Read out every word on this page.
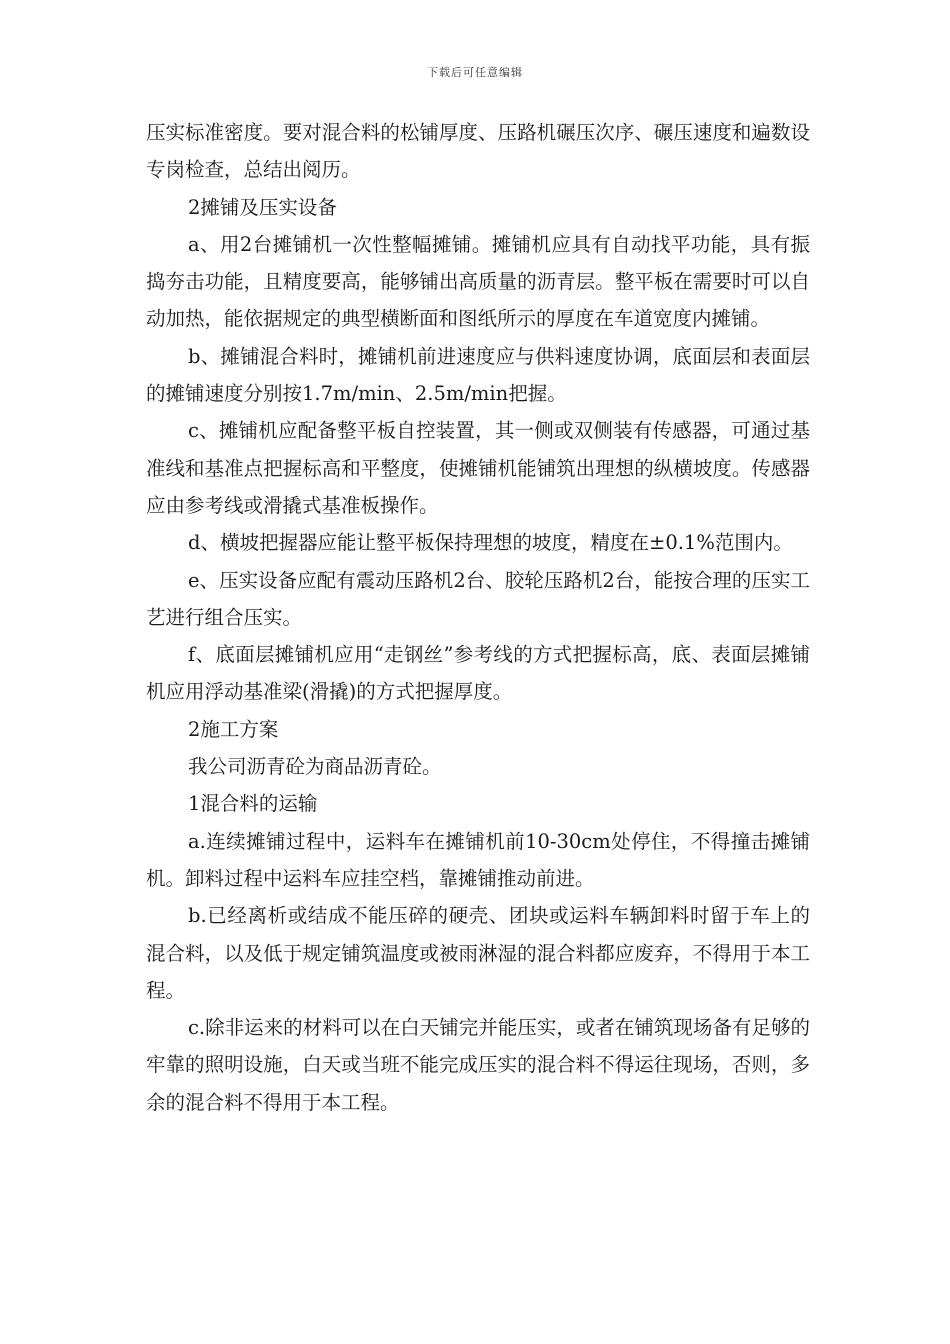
下载后可任意编辑

压实标准密度。要对混合料的松铺厚度、压路机碾压次序、碾压速度和遍数设专岗检查，总结出阅历。

2摊铺及压实设备

a、用2台摊铺机一次性整幅摊铺。摊铺机应具有自动找平功能，具有振捣夯击功能，且精度要高，能够铺出高质量的沥青层。整平板在需要时可以自动加热，能依据规定的典型横断面和图纸所示的厚度在车道宽度内摊铺。

b、摊铺混合料时，摊铺机前进速度应与供料速度协调，底面层和表面层的摊铺速度分别按1.7m/min、2.5m/min把握。

c、摊铺机应配备整平板自控装置，其一侧或双侧装有传感器，可通过基准线和基准点把握标高和平整度，使摊铺机能铺筑出理想的纵横坡度。传感器应由参考线或滑撬式基准板操作。

d、横坡把握器应能让整平板保持理想的坡度，精度在±0.1%范围内。

e、压实设备应配有震动压路机2台、胶轮压路机2台，能按合理的压实工艺进行组合压实。

f、底面层摊铺机应用“走钢丝”参考线的方式把握标高，底、表面层摊铺机应用浮动基准梁(滑撬)的方式把握厚度。

2施工方案

我公司沥青砼为商品沥青砼。

1混合料的运输

a.连续摊铺过程中，运料车在摊铺机前10-30cm处停住，不得撞击摊铺机。卸料过程中运料车应挂空档，靠摊铺推动前进。

b.已经离析或结成不能压碎的硬壳、团块或运料车辆卸料时留于车上的混合料，以及低于规定铺筑温度或被雨淋湿的混合料都应废弃，不得用于本工程。

c.除非运来的材料可以在白天铺完并能压实，或者在铺筑现场备有足够的牢靠的照明设施，白天或当班不能完成压实的混合料不得运往现场，否则，多余的混合料不得用于本工程。
